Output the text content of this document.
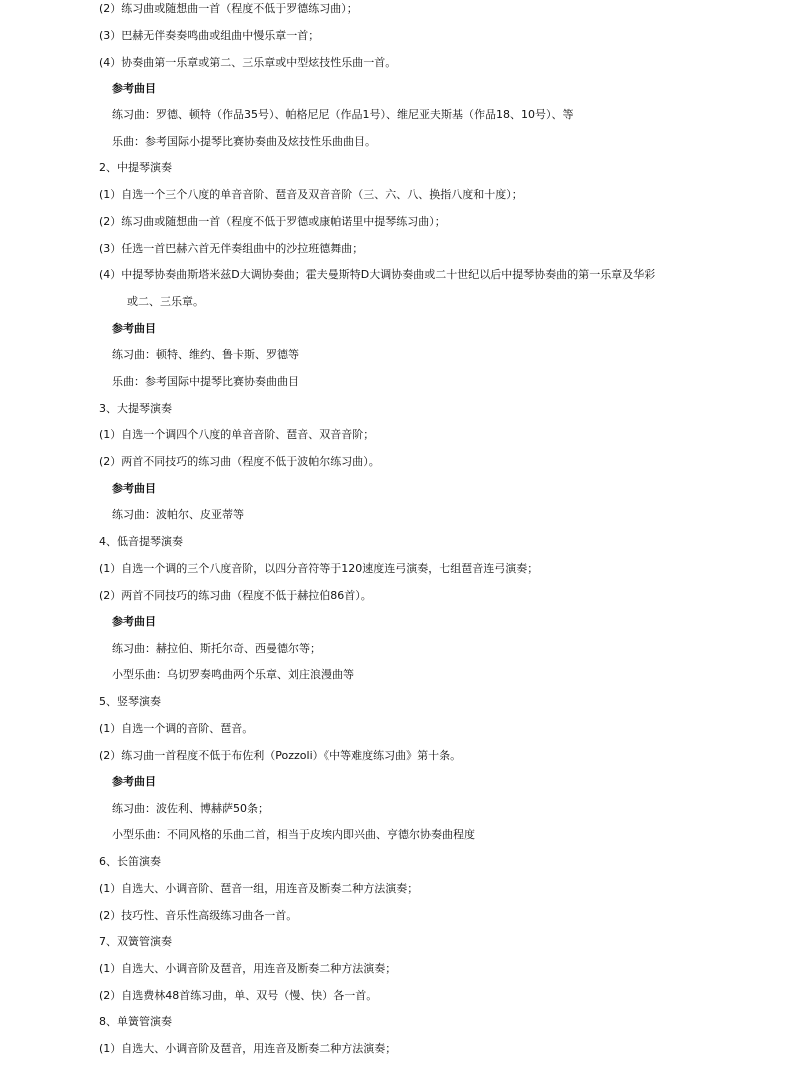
(2）练习曲或随想曲一首（程度不低于罗德练习曲）；
(3）巴赫无伴奏奏鸣曲或组曲中慢乐章一首；
(4）协奏曲第一乐章或第二、三乐章或中型炫技性乐曲一首。
参考曲目
练习曲：罗德、顿特（作品35号）、帕格尼尼（作品1号）、维尼亚夫斯基（作品18、10号）、等
乐曲：参考国际小提琴比赛协奏曲及炫技性乐曲曲目。
2、中提琴演奏
(1）自选一个三个八度的单音音阶、琶音及双音音阶（三、六、八、换指八度和十度）；
(2）练习曲或随想曲一首（程度不低于罗德或康帕诺里中提琴练习曲）；
(3）任选一首巴赫六首无伴奏组曲中的沙拉班德舞曲；
(4）中提琴协奏曲斯塔米兹D大调协奏曲；霍夫曼斯特D大调协奏曲或二十世纪以后中提琴协奏曲的第一乐章及华彩
或二、三乐章。
参考曲目
练习曲：顿特、维约、鲁卡斯、罗德等
乐曲：参考国际中提琴比赛协奏曲曲目
3、大提琴演奏
(1）自选一个调四个八度的单音音阶、琶音、双音音阶；
(2）两首不同技巧的练习曲（程度不低于波帕尔练习曲）。
参考曲目
练习曲：波帕尔、皮亚蒂等
4、低音提琴演奏
(1）自选一个调的三个八度音阶，以四分音符等于120速度连弓演奏，七组琶音连弓演奏；
(2）两首不同技巧的练习曲（程度不低于赫拉伯86首）。
参考曲目
练习曲：赫拉伯、斯托尔奇、西曼德尔等；
小型乐曲：乌切罗奏鸣曲两个乐章、刘庄浪漫曲等
5、竖琴演奏
(1）自选一个调的音阶、琶音。
(2）练习曲一首程度不低于布佐利（Pozzoli）《中等难度练习曲》第十条。
参考曲目
练习曲：波佐利、博赫萨50条；
小型乐曲：不同风格的乐曲二首，相当于皮埃内即兴曲、亨德尔协奏曲程度
6、长笛演奏
(1）自选大、小调音阶、琶音一组，用连音及断奏二种方法演奏；
(2）技巧性、音乐性高级练习曲各一首。
7、双簧管演奏
(1）自选大、小调音阶及琶音，用连音及断奏二种方法演奏；
(2）自选费林48首练习曲，单、双号（慢、快）各一首。
8、单簧管演奏
(1）自选大、小调音阶及琶音，用连音及断奏二种方法演奏；
